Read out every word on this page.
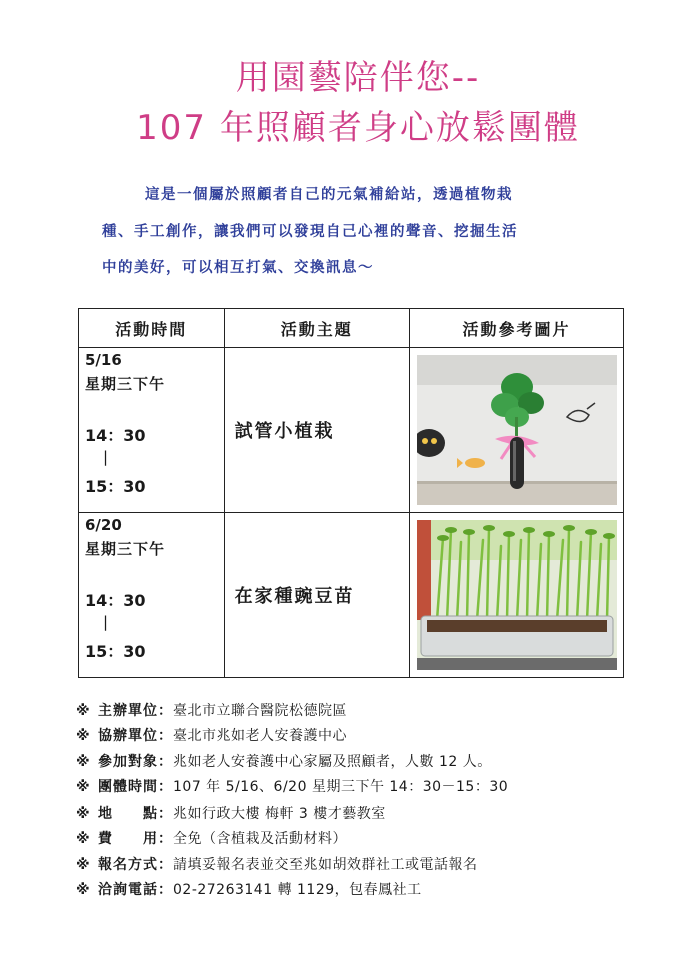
用園藝陪伴您--
107 年照顧者身心放鬆團體
這是一個屬於照顧者自己的元氣補給站，透過植物栽
種、手工創作，讓我們可以發現自己心裡的聲音、挖掘生活
中的美好，可以相互打氣、交換訊息～
活動時間	活動主題	活動參考圖片

5/16
星期三下午
14：30
|
15：30	試管小植栽	

6/20
星期三下午
14：30
|
15：30	在家種豌豆苗	
※ 主辦單位：臺北市立聯合醫院松德院區
※ 協辦單位：臺北市兆如老人安養護中心
※ 參加對象：兆如老人安養護中心家屬及照顧者，人數 12 人。
※ 團體時間：107 年 5/16、6/20 星期三下午 14：30－15：30
※ 地　　點：兆如行政大樓 梅軒 3 樓才藝教室
※ 費　　用：全免（含植栽及活動材料）
※ 報名方式：請填妥報名表並交至兆如胡效群社工或電話報名
※ 洽詢電話：02-27263141 轉 1129，包春鳳社工
